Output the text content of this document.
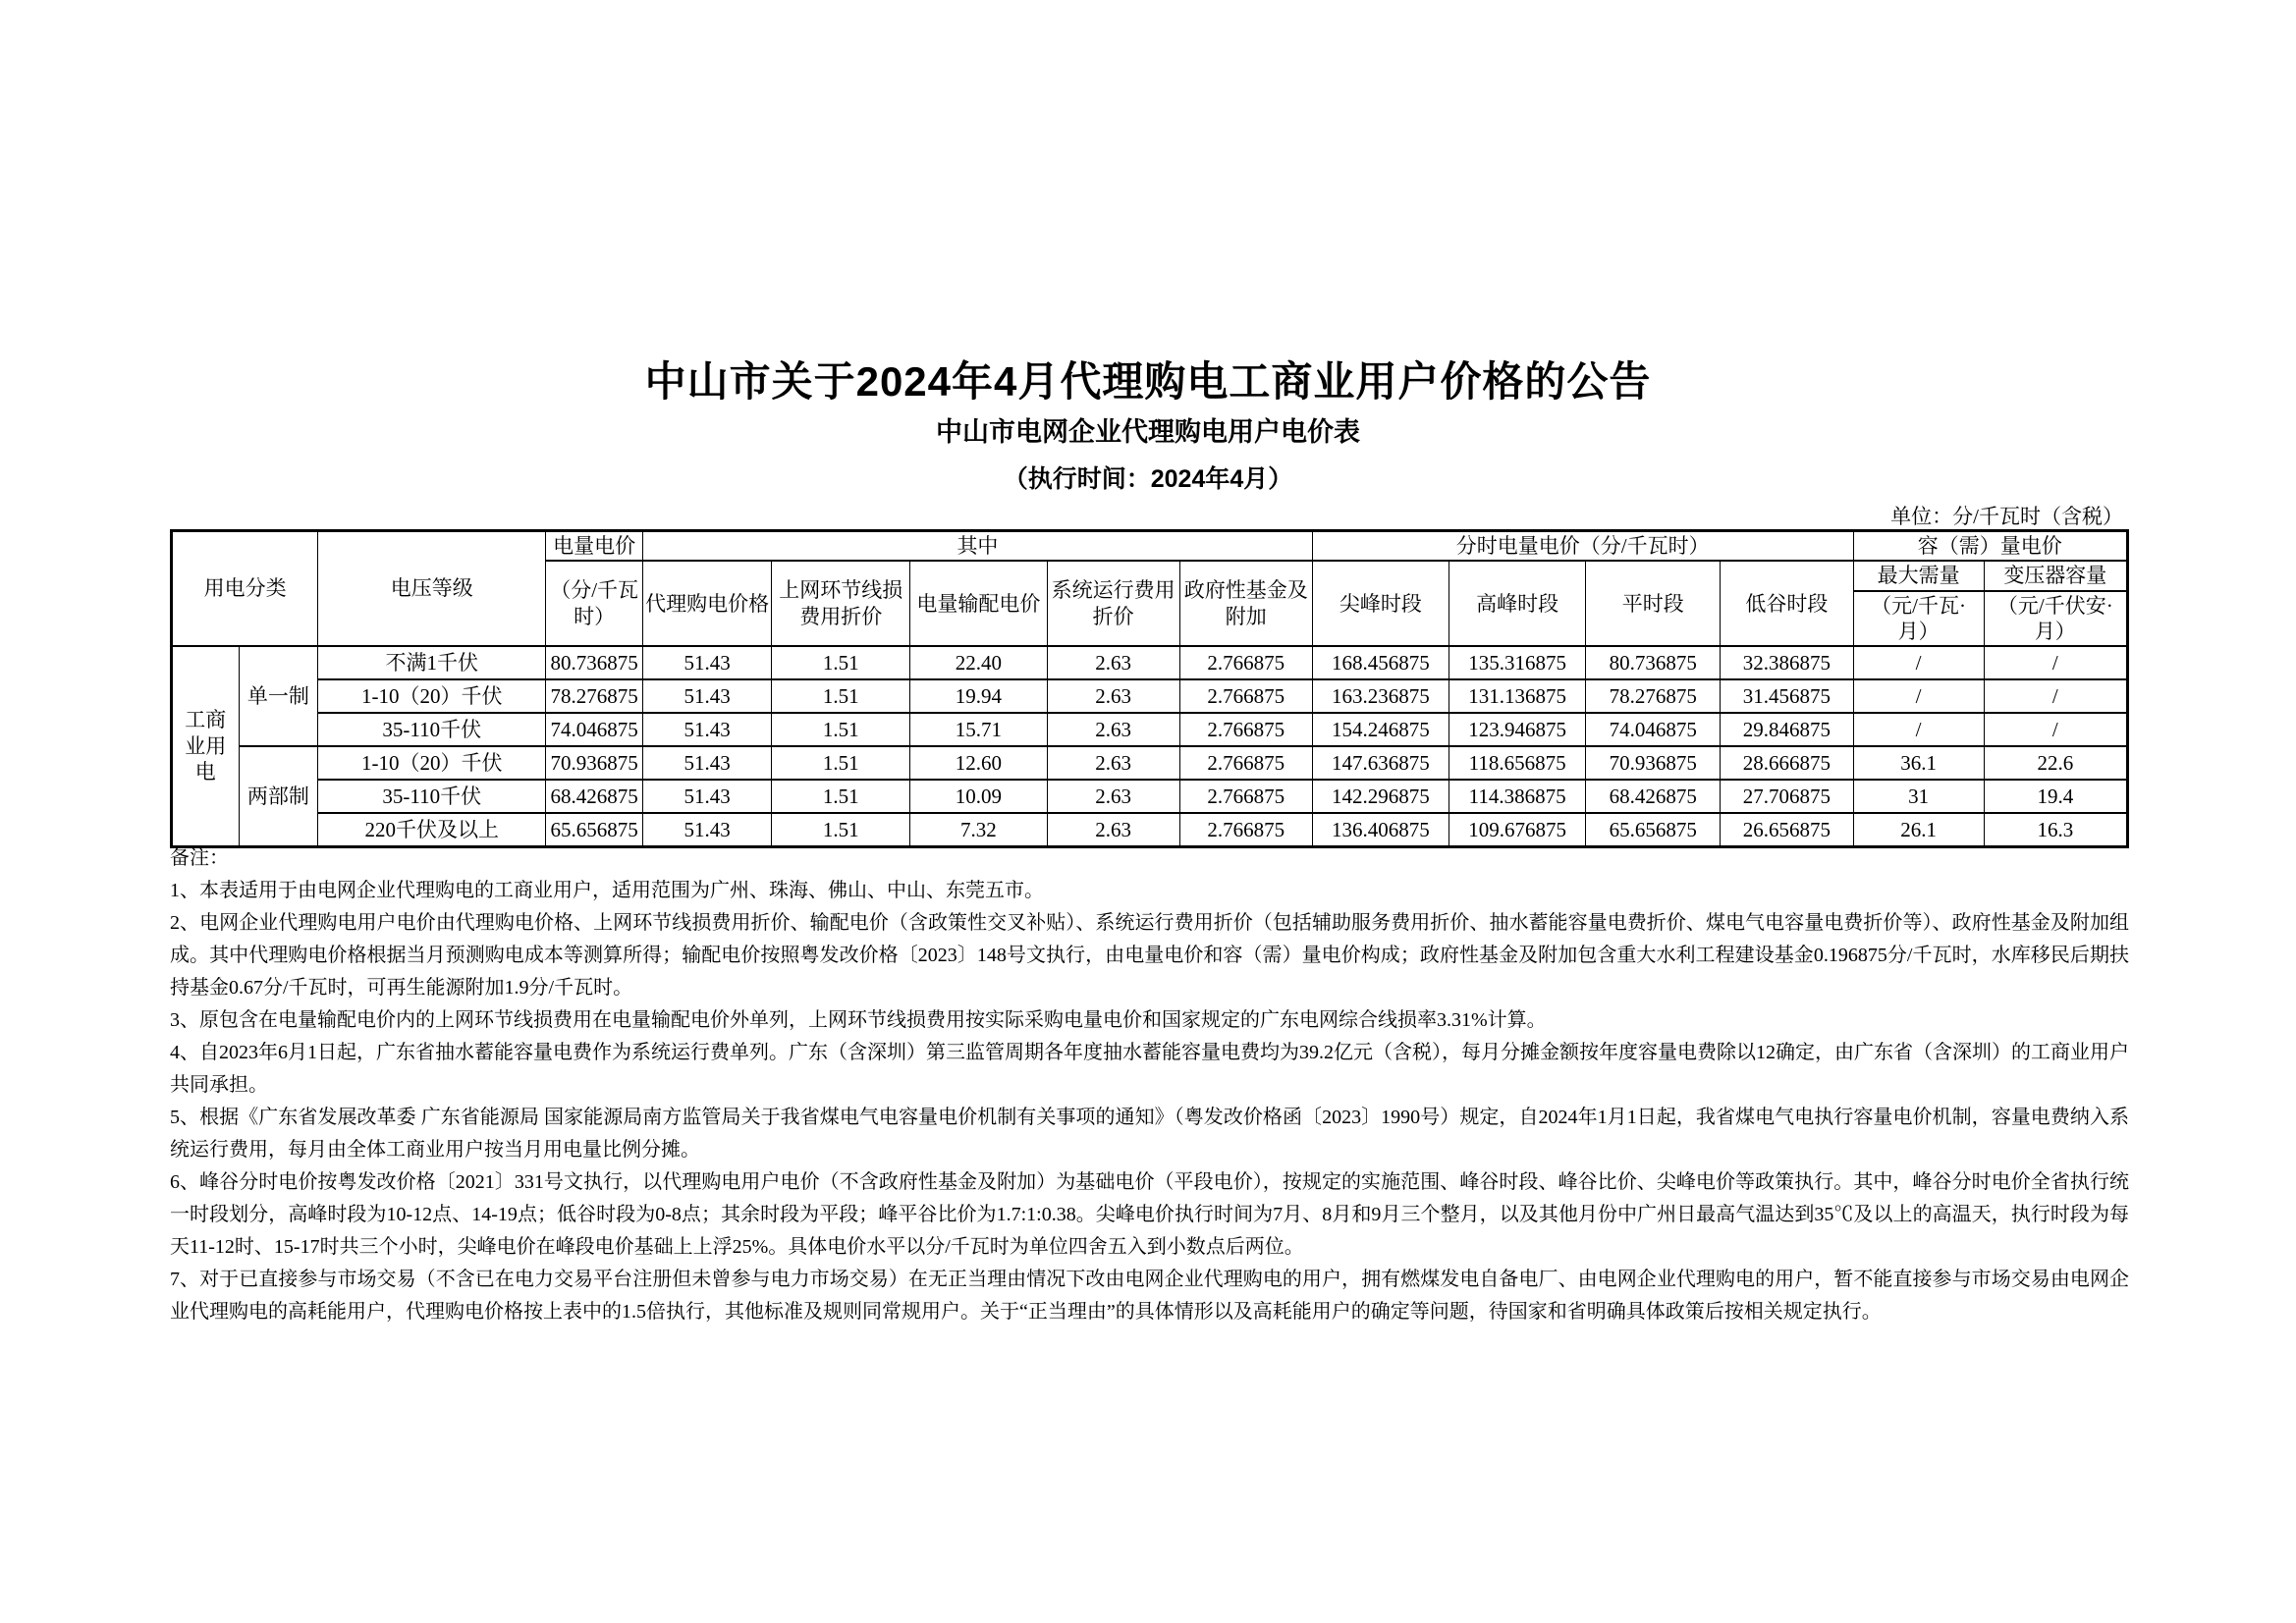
中山市关于2024年4月代理购电工商业用户价格的公告
中山市电网企业代理购电用户电价表
（执行时间：2024年4月）
单位：分/千瓦时（含税）
用电分类		电压等级	电量电价	其中					分时电量电价（分/千瓦时）				容（需）量电价	
			（分/千瓦时）	代理购电价格	上网环节线损费用折价	电量输配电价	系统运行费用折价	政府性基金及附加	尖峰时段	高峰时段	平时段	低谷时段	最大需量	变压器容量
													（元/千瓦·月）	（元/千伏安·月）
工商业用电	单一制	不满1千伏	80.736875	51.43	1.51	22.40	2.63	2.766875	168.456875	135.316875	80.736875	32.386875	/	/
		1-10（20）千伏	78.276875	51.43	1.51	19.94	2.63	2.766875	163.236875	131.136875	78.276875	31.456875	/	/
		35-110千伏	74.046875	51.43	1.51	15.71	2.63	2.766875	154.246875	123.946875	74.046875	29.846875	/	/
	两部制	1-10（20）千伏	70.936875	51.43	1.51	12.60	2.63	2.766875	147.636875	118.656875	70.936875	28.666875	36.1	22.6
		35-110千伏	68.426875	51.43	1.51	10.09	2.63	2.766875	142.296875	114.386875	68.426875	27.706875	31	19.4
		220千伏及以上	65.656875	51.43	1.51	7.32	2.63	2.766875	136.406875	109.676875	65.656875	26.656875	26.1	16.3

备注：

1、本表适用于由电网企业代理购电的工商业用户，适用范围为广州、珠海、佛山、中山、东莞五市。

2、电网企业代理购电用户电价由代理购电价格、上网环节线损费用折价、输配电价（含政策性交叉补贴）、系统运行费用折价（包括辅助服务费用折价、抽水蓄能容量电费折价、煤电气电容量电费折价等）、政府性基金及附加组成。其中代理购电价格根据当月预测购电成本等测算所得；输配电价按照粤发改价格〔2023〕148号文执行，由电量电价和容（需）量电价构成；政府性基金及附加包含重大水利工程建设基金0.196875分/千瓦时，水库移民后期扶持基金0.67分/千瓦时，可再生能源附加1.9分/千瓦时。

3、原包含在电量输配电价内的上网环节线损费用在电量输配电价外单列，上网环节线损费用按实际采购电量电价和国家规定的广东电网综合线损率3.31%计算。

4、自2023年6月1日起，广东省抽水蓄能容量电费作为系统运行费单列。广东（含深圳）第三监管周期各年度抽水蓄能容量电费均为39.2亿元（含税），每月分摊金额按年度容量电费除以12确定，由广东省（含深圳）的工商业用户共同承担。

5、根据《广东省发展改革委 广东省能源局 国家能源局南方监管局关于我省煤电气电容量电价机制有关事项的通知》（粤发改价格函〔2023〕1990号）规定，自2024年1月1日起，我省煤电气电执行容量电价机制，容量电费纳入系统运行费用，每月由全体工商业用户按当月用电量比例分摊。

6、峰谷分时电价按粤发改价格〔2021〕331号文执行，以代理购电用户电价（不含政府性基金及附加）为基础电价（平段电价），按规定的实施范围、峰谷时段、峰谷比价、尖峰电价等政策执行。其中，峰谷分时电价全省执行统一时段划分，高峰时段为10-12点、14-19点；低谷时段为0-8点；其余时段为平段；峰平谷比价为1.7:1:0.38。尖峰电价执行时间为7月、8月和9月三个整月，以及其他月份中广州日最高气温达到35℃及以上的高温天，执行时段为每天11-12时、15-17时共三个小时，尖峰电价在峰段电价基础上上浮25%。具体电价水平以分/千瓦时为单位四舍五入到小数点后两位。

7、对于已直接参与市场交易（不含已在电力交易平台注册但未曾参与电力市场交易）在无正当理由情况下改由电网企业代理购电的用户，拥有燃煤发电自备电厂、由电网企业代理购电的用户，暂不能直接参与市场交易由电网企业代理购电的高耗能用户，代理购电价格按上表中的1.5倍执行，其他标准及规则同常规用户。关于“正当理由”的具体情形以及高耗能用户的确定等问题，待国家和省明确具体政策后按相关规定执行。
